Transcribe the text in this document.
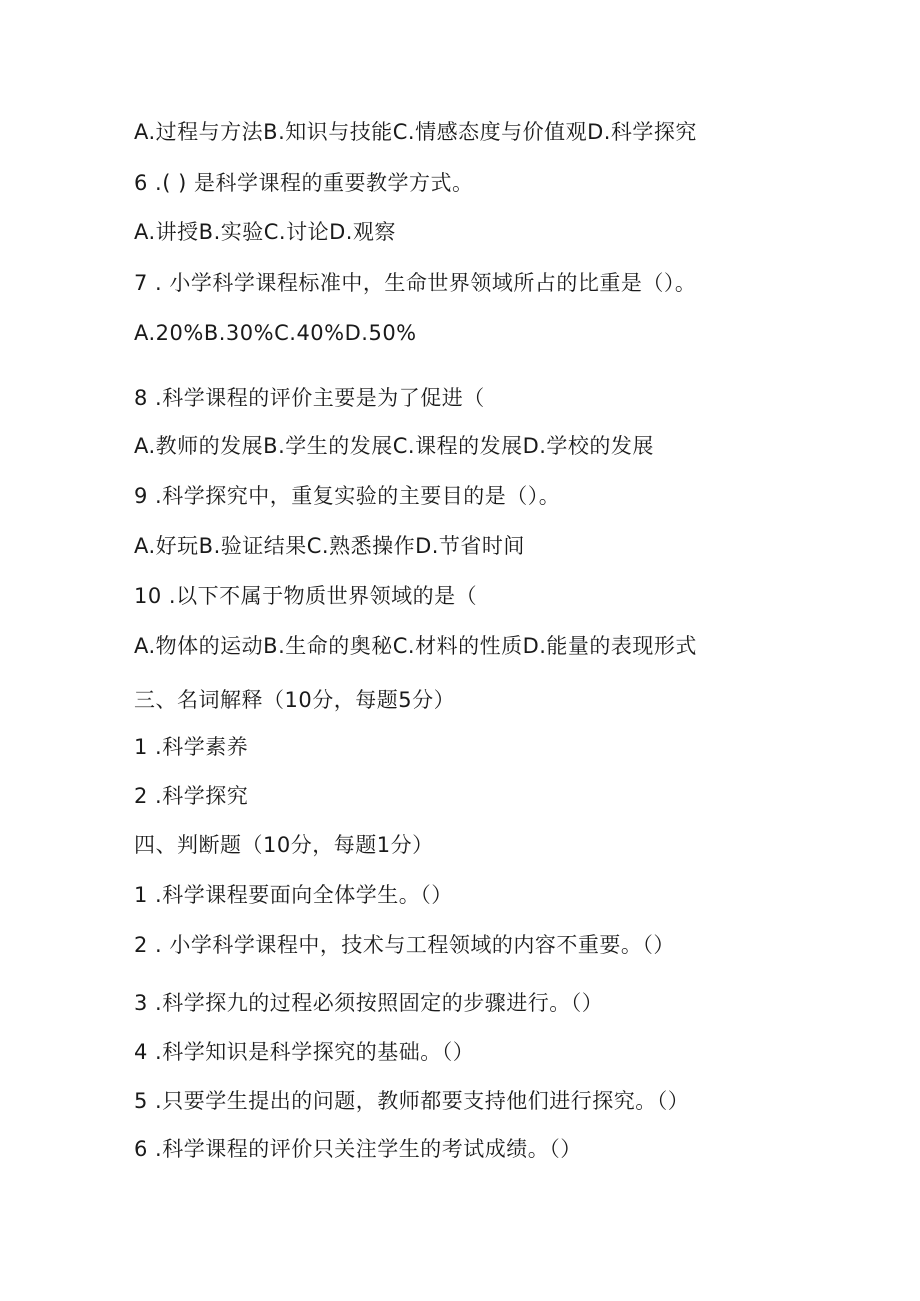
A.过程与方法B.知识与技能C.情感态度与价值观D.科学探究
6 .( ) 是科学课程的重要教学方式。
A.讲授B.实验C.讨论D.观察
7 . 小学科学课程标准中，生命世界领域所占的比重是（）。
A.20%B.30%C.40%D.50%
8 .科学课程的评价主要是为了促进（
A.教师的发展B.学生的发展C.课程的发展D.学校的发展
9 .科学探究中，重复实验的主要目的是（）。
A.好玩B.验证结果C.熟悉操作D.节省时间
10 .以下不属于物质世界领域的是（
A.物体的运动B.生命的奥秘C.材料的性质D.能量的表现形式
三、名词解释（10分，每题5分）
1 .科学素养
2 .科学探究
四、判断题（10分，每题1分）
1 .科学课程要面向全体学生。（）
2 . 小学科学课程中，技术与工程领域的内容不重要。（）
3 .科学探九的过程必须按照固定的步骤进行。（）
4 .科学知识是科学探究的基础。（）
5 .只要学生提出的问题，教师都要支持他们进行探究。（）
6 .科学课程的评价只关注学生的考试成绩。（）
